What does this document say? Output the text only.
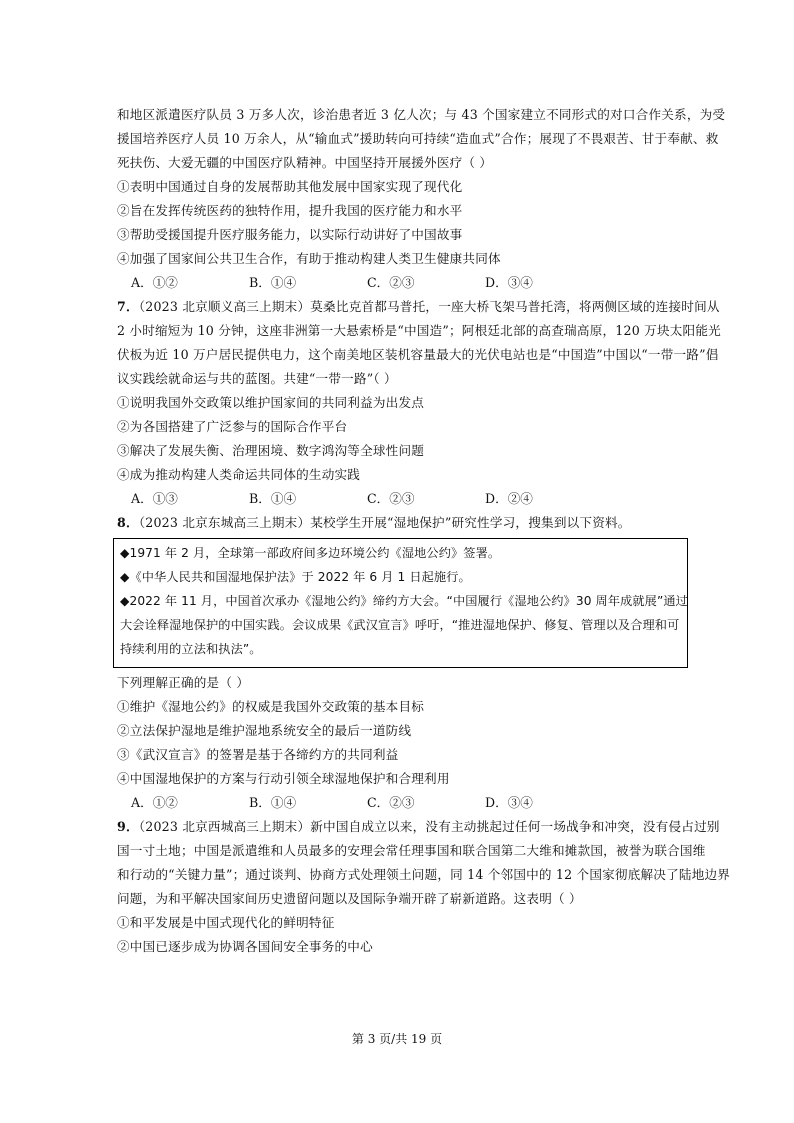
和地区派遣医疗队员 3 万多人次，诊治患者近 3 亿人次；与 43 个国家建立不同形式的对口合作关系，为受
援国培养医疗人员 10 万余人，从“输血式”援助转向可持续“造血式”合作；展现了不畏艰苦、甘于奉献、救
死扶伤、大爱无疆的中国医疗队精神。中国坚持开展援外医疗（ ）
①表明中国通过自身的发展帮助其他发展中国家实现了现代化
②旨在发挥传统医药的独特作用，提升我国的医疗能力和水平
③帮助受援国提升医疗服务能力，以实际行动讲好了中国故事
④加强了国家间公共卫生合作，有助于推动构建人类卫生健康共同体
A．①②	B．①④	C．②③	D．③④
7．（2023 北京顺义高三上期末）莫桑比克首都马普托，一座大桥飞架马普托湾，将两侧区域的连接时间从
2 小时缩短为 10 分钟，这座非洲第一大悬索桥是“中国造”；阿根廷北部的高查瑞高原，120 万块太阳能光
伏板为近 10 万户居民提供电力，这个南美地区装机容量最大的光伏电站也是“中国造”中国以“一带一路”倡
议实践绘就命运与共的蓝图。共建“一带一路”（ ）
①说明我国外交政策以维护国家间的共同利益为出发点
②为各国搭建了广泛参与的国际合作平台
③解决了发展失衡、治理困境、数字鸿沟等全球性问题
④成为推动构建人类命运共同体的生动实践
A．①③	B．①④	C．②③	D．②④
8．（2023 北京东城高三上期末）某校学生开展“湿地保护”研究性学习，搜集到以下资料。
◆1971 年 2 月，全球第一部政府间多边环境公约《湿地公约》签署。
◆《中华人民共和国湿地保护法》于 2022 年 6 月 1 日起施行。
◆2022 年 11 月，中国首次承办《湿地公约》缔约方大会。“中国履行《湿地公约》30 周年成就展”通过
大会诠释湿地保护的中国实践。会议成果《武汉宣言》呼吁，“推进湿地保护、修复、管理以及合理和可
持续利用的立法和执法”。
下列理解正确的是（ ）
①维护《湿地公约》的权威是我国外交政策的基本目标
②立法保护湿地是维护湿地系统安全的最后一道防线
③《武汉宣言》的签署是基于各缔约方的共同利益
④中国湿地保护的方案与行动引领全球湿地保护和合理利用
A．①②	B．①④	C．②③	D．③④
9．（2023 北京西城高三上期末）新中国自成立以来，没有主动挑起过任何一场战争和冲突，没有侵占过别
国一寸土地；中国是派遣维和人员最多的安理会常任理事国和联合国第二大维和摊款国，被誉为联合国维
和行动的“关键力量”；通过谈判、协商方式处理领土问题，同 14 个邻国中的 12 个国家彻底解决了陆地边界
问题，为和平解决国家间历史遗留问题以及国际争端开辟了崭新道路。这表明（ ）
①和平发展是中国式现代化的鲜明特征
②中国已逐步成为协调各国间安全事务的中心
第 3 页/共 19 页
